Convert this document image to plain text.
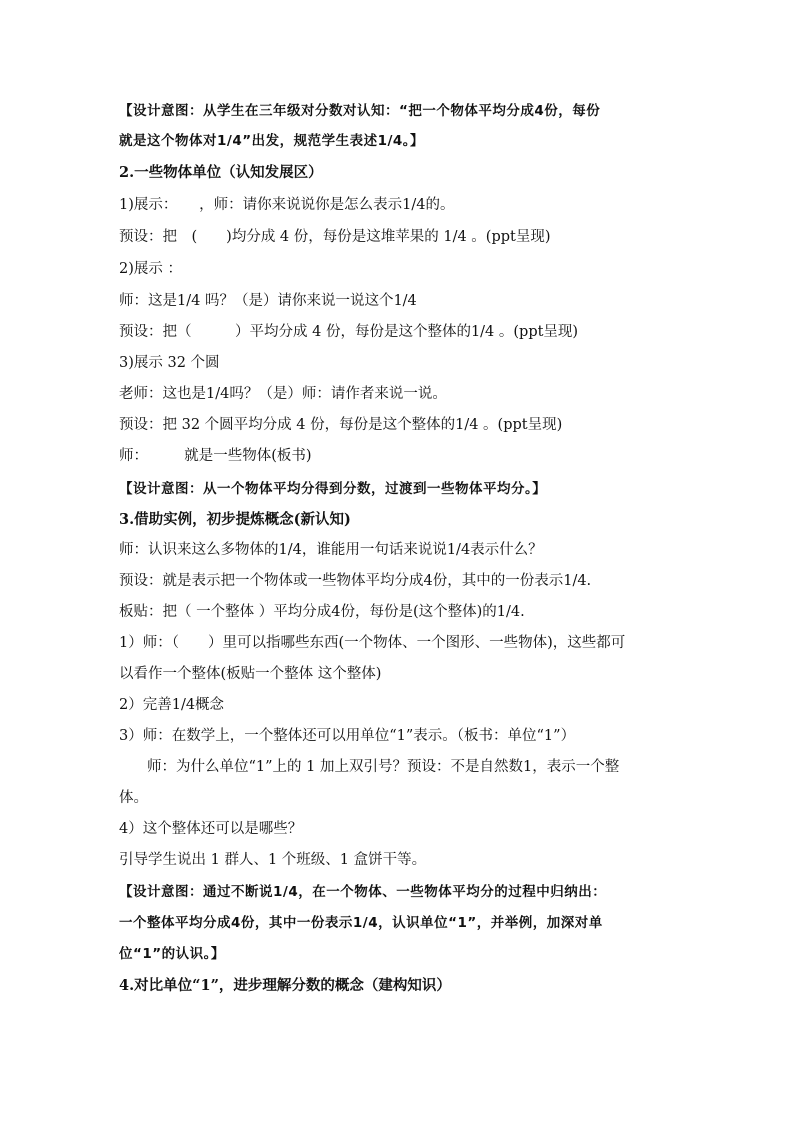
【设计意图：从学生在三年级对分数对认知：“把一个物体平均分成4份，每份
就是这个物体对1/4”出发，规范学生表述1/4。】
2.一些物体单位（认知发展区）
1)展示：　　，师：请你来说说你是怎么表示1/4的。
预设：把　(　　)均分成 4 份，每份是这堆苹果的 1/4 。(ppt呈现)
2)展示 ：
师：这是1/4 吗？（是）请你来说一说这个1/4
预设：把（　　　）平均分成 4 份，每份是这个整体的1/4 。(ppt呈现)
3)展示 32 个圆
老师：这也是1/4吗？（是）师：请作者来说一说。
预设：把 32 个圆平均分成 4 份，每份是这个整体的1/4 。(ppt呈现)
师：　　　就是一些物体(板书)
【设计意图：从一个物体平均分得到分数，过渡到一些物体平均分。】
3.借助实例，初步提炼概念(新认知)
师：认识来这么多物体的1/4，谁能用一句话来说说1/4表示什么？
预设：就是表示把一个物体或一些物体平均分成4份，其中的一份表示1/4.
板贴：把（ 一个整体 ）平均分成4份，每份是(这个整体)的1/4.
1）师：（　　）里可以指哪些东西(一个物体、一个图形、一些物体)，这些都可
以看作一个整体(板贴一个整体 这个整体)
2）完善1/4概念
3）师：在数学上，一个整体还可以用单位“1”表示。（板书：单位“1”）
师：为什么单位“1”上的 1 加上双引号？预设：不是自然数1，表示一个整
体。
4）这个整体还可以是哪些？
引导学生说出 1 群人、1 个班级、1 盒饼干等。
【设计意图：通过不断说1/4，在一个物体、一些物体平均分的过程中归纳出：
一个整体平均分成4份，其中一份表示1/4，认识单位“1”，并举例，加深对单
位“1”的认识。】
4.对比单位“1”，进步理解分数的概念（建构知识）
